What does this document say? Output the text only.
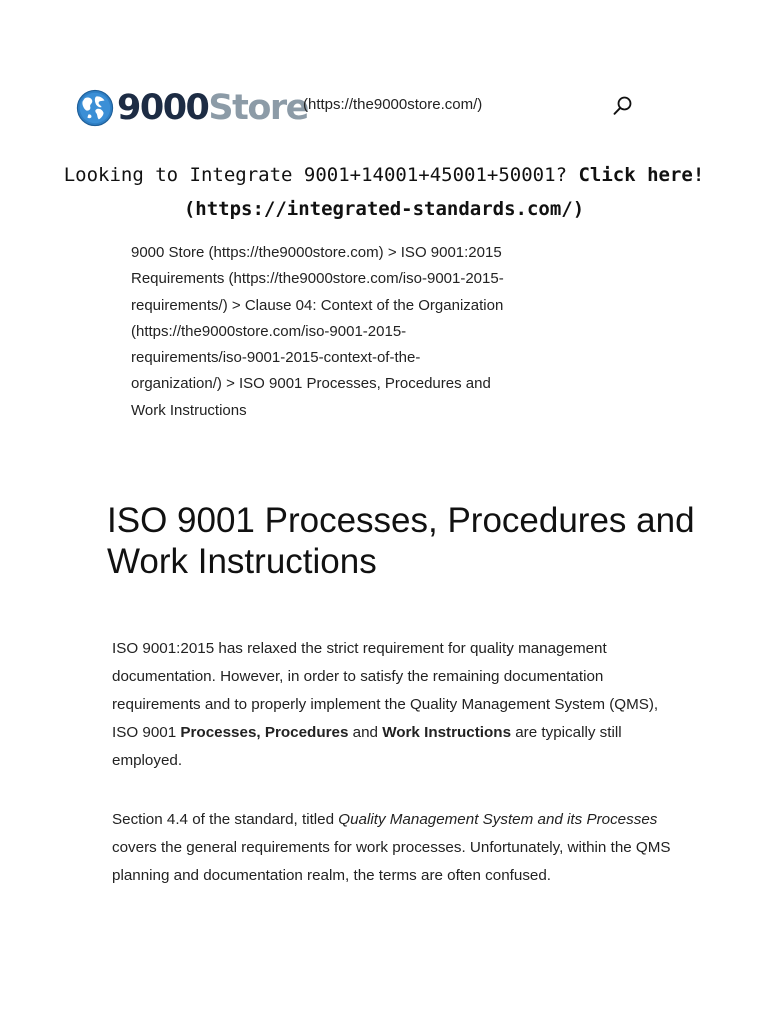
9000Store
(https://the9000store.com/)
Looking to Integrate 9001+14001+45001+50001? Click here!
(https://integrated-standards.com/)
9000 Store (https://the9000store.com) > ISO 9001:2015 Requirements (https://the9000store.com/iso-9001-2015-requirements/) > Clause 04: Context of the Organization (https://the9000store.com/iso-9001-2015-requirements/iso-9001-2015-context-of-the-organization/) > ISO 9001 Processes, Procedures and Work Instructions
ISO 9001 Processes, Procedures and Work Instructions

ISO 9001:2015 has relaxed the strict requirement for quality management documentation. However, in order to satisfy the remaining documentation requirements and to properly implement the Quality Management System (QMS), ISO 9001 Processes, Procedures and Work Instructions are typically still employed.

Section 4.4 of the standard, titled Quality Management System and its Processes covers the general requirements for work processes. Unfortunately, within the QMS planning and documentation realm, the terms are often confused.
